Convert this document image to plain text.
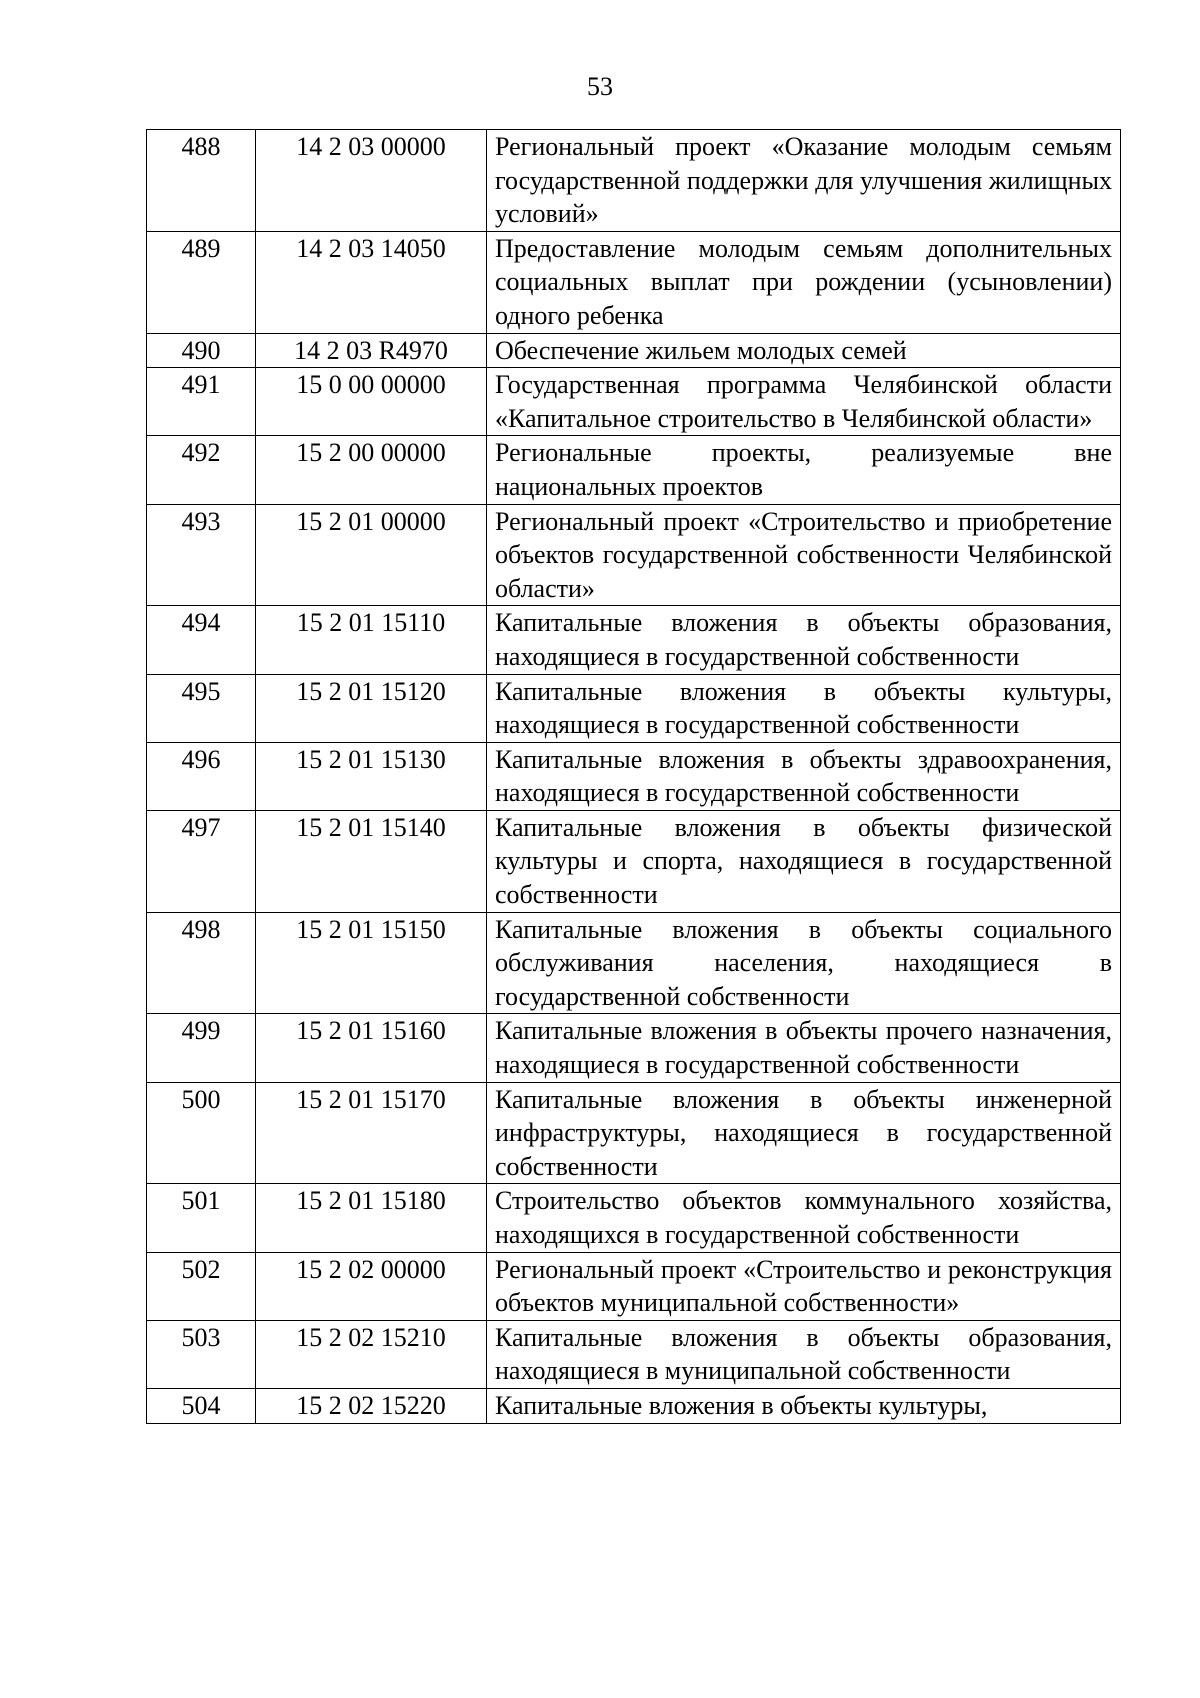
53
488	14 2 03 00000	Региональный проект «Оказание молодым семьям государственной поддержки для улучшения жилищных условий»
489	14 2 03 14050	Предоставление молодым семьям дополнительных социальных выплат при рождении (усыновлении) одного ребенка
490	14 2 03 R4970	Обеспечение жильем молодых семей
491	15 0 00 00000	Государственная программа Челябинской области «Капитальное строительство в Челябинской области»
492	15 2 00 00000	Региональные проекты, реализуемые вне национальных проектов
493	15 2 01 00000	Региональный проект «Строительство и приобретение объектов государственной собственности Челябинской области»
494	15 2 01 15110	Капитальные вложения в объекты образования, находящиеся в государственной собственности
495	15 2 01 15120	Капитальные вложения в объекты культуры, находящиеся в государственной собственности
496	15 2 01 15130	Капитальные вложения в объекты здравоохранения, находящиеся в государственной собственности
497	15 2 01 15140	Капитальные вложения в объекты физической культуры и спорта, находящиеся в государственной собственности
498	15 2 01 15150	Капитальные вложения в объекты социального обслуживания населения, находящиеся в государственной собственности
499	15 2 01 15160	Капитальные вложения в объекты прочего назначения, находящиеся в государственной собственности
500	15 2 01 15170	Капитальные вложения в объекты инженерной инфраструктуры, находящиеся в государственной собственности
501	15 2 01 15180	Строительство объектов коммунального хозяйства, находящихся в государственной собственности
502	15 2 02 00000	Региональный проект «Строительство и реконструкция объектов муниципальной собственности»
503	15 2 02 15210	Капитальные вложения в объекты образования, находящиеся в муниципальной собственности
504	15 2 02 15220	Капитальные вложения в объекты культуры,
